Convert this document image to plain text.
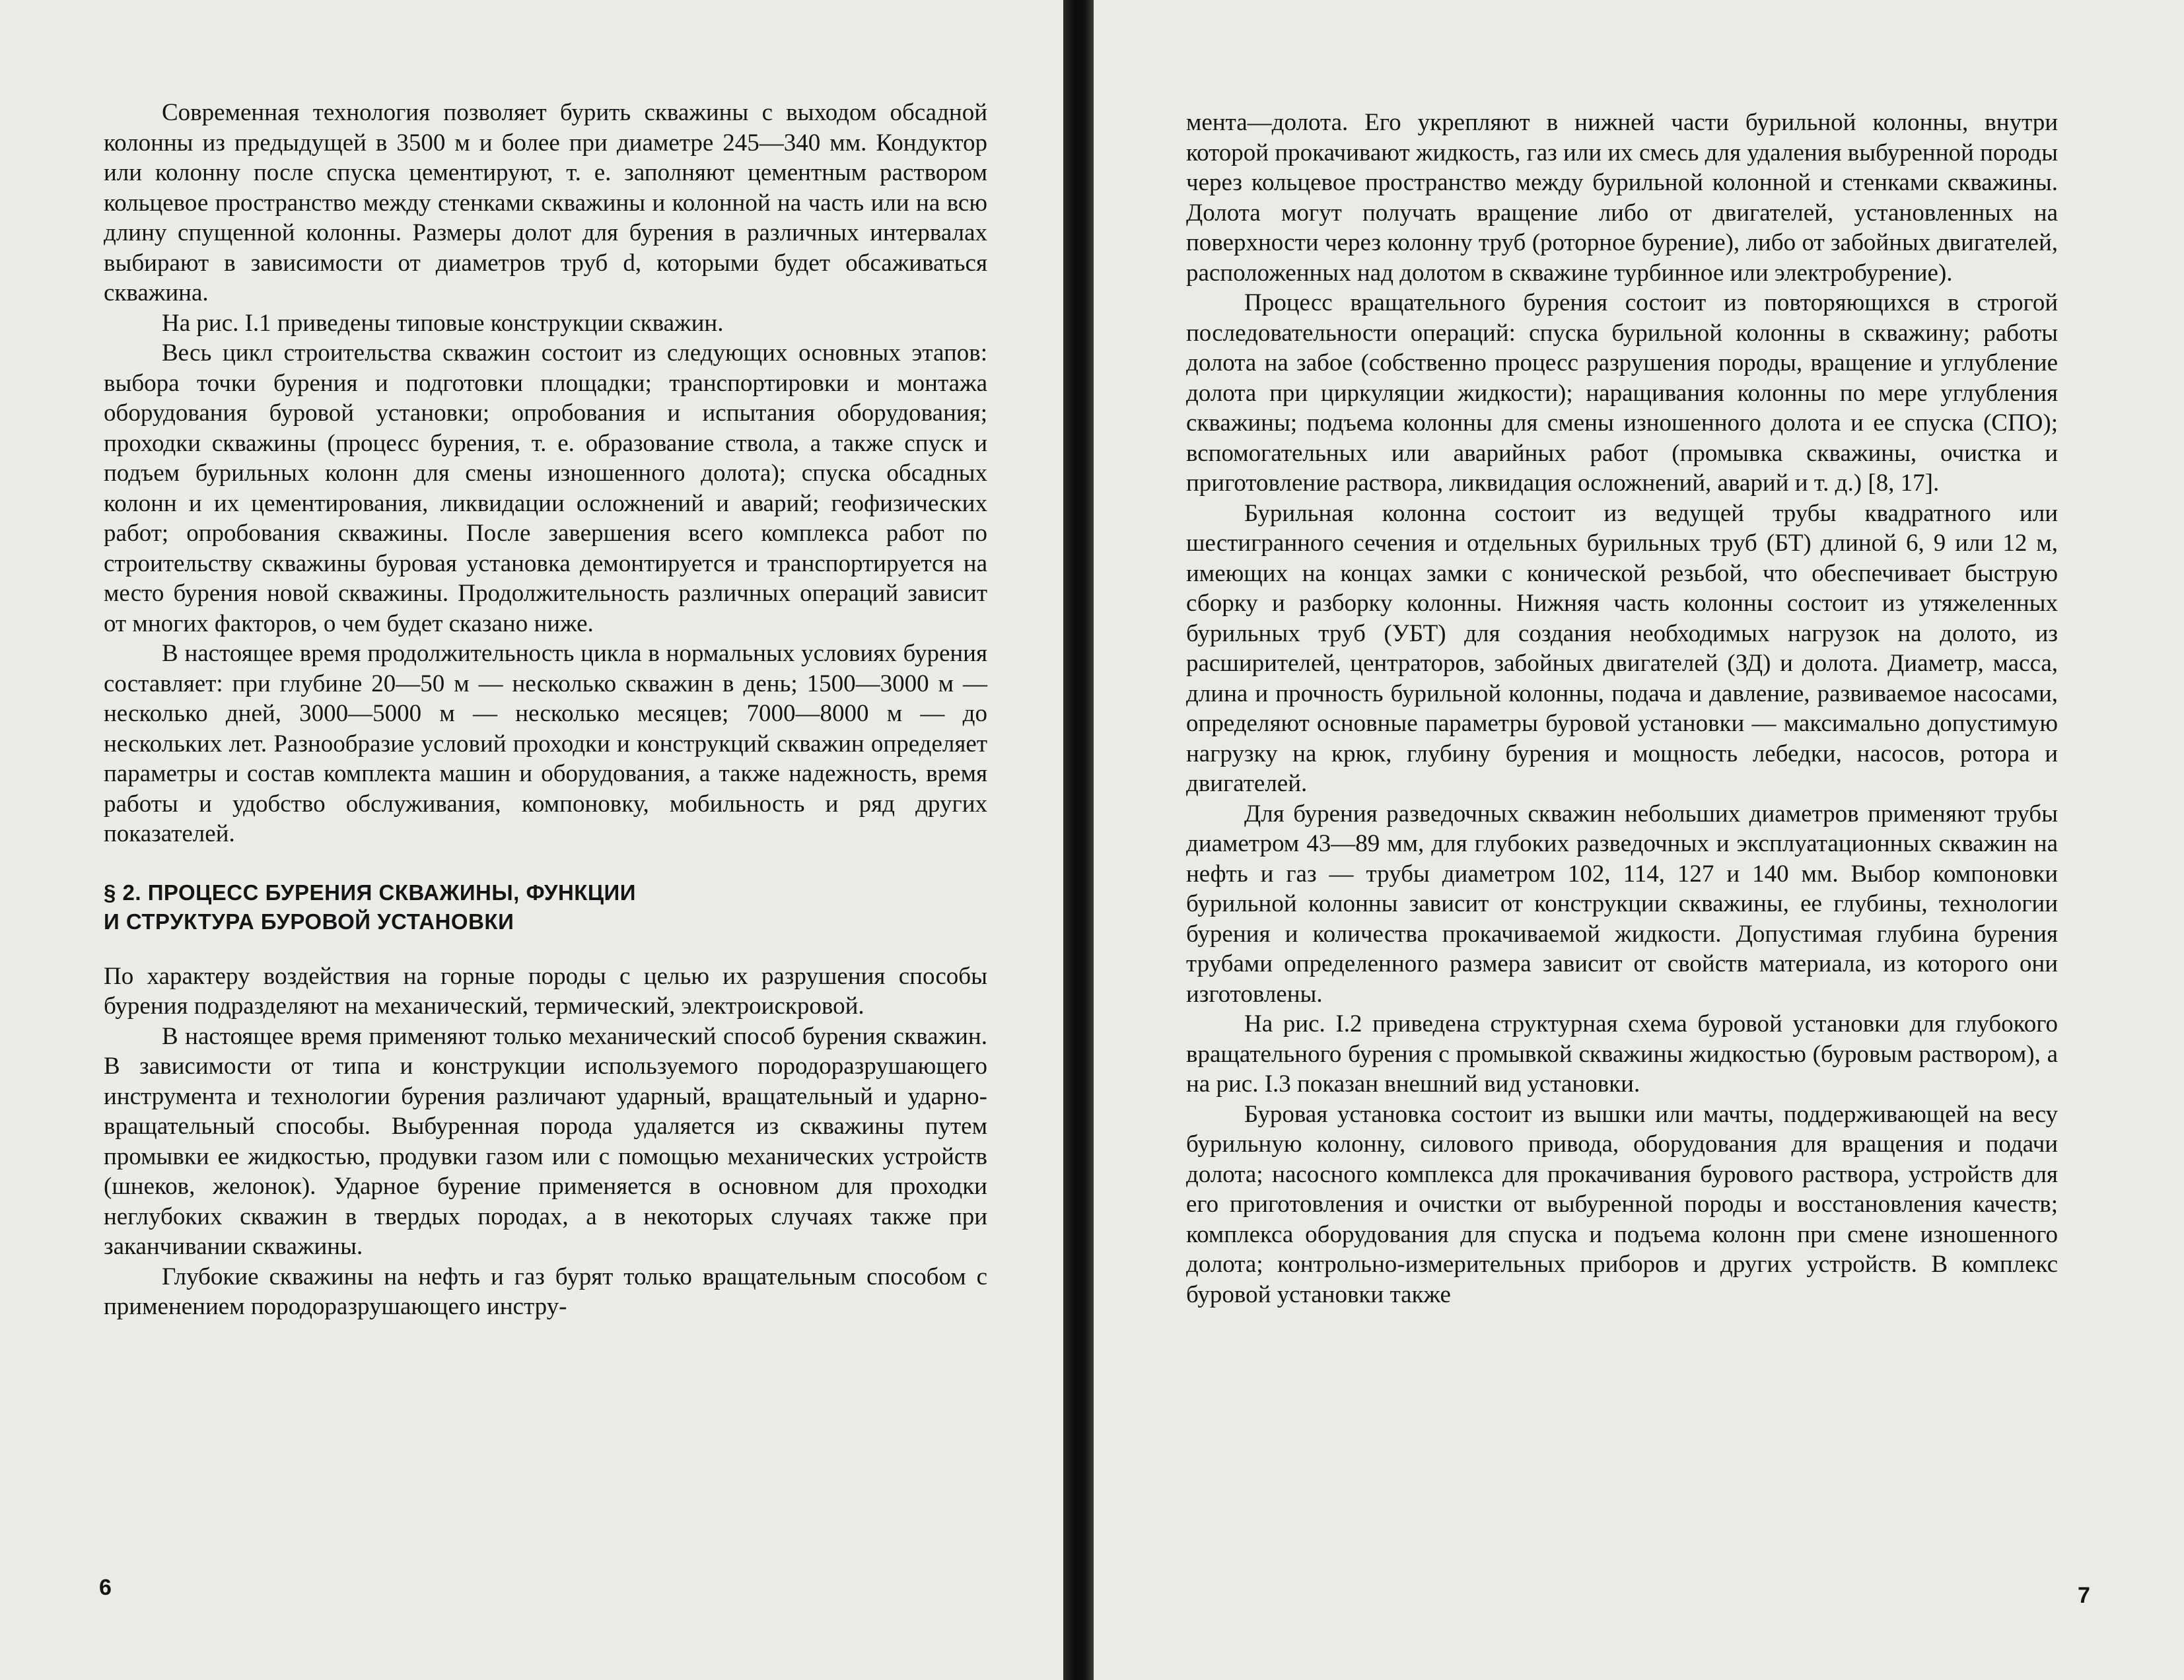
Современная технология позволяет бурить скважины с выходом обсадной колонны из предыдущей в 3500 м и более при диаметре 245—340 мм. Кондуктор или колонну после спуска цементируют, т. е. заполняют цементным раствором кольцевое пространство между стенками скважины и колонной на часть или на всю длину спущенной колонны. Размеры долот для бурения в различных интервалах выбирают в зависимости от диаметров труб d, которыми будет обсаживаться скважина.

На рис. I.1 приведены типовые конструкции скважин.

Весь цикл строительства скважин состоит из следующих основных этапов: выбора точки бурения и подготовки площадки; транспортировки и монтажа оборудования буровой установки; опробования и испытания оборудования; проходки скважины (процесс бурения, т. е. образование ствола, а также спуск и подъем бурильных колонн для смены изношенного долота); спуска обсадных колонн и их цементирования, ликвидации осложнений и аварий; геофизических работ; опробования скважины. После завершения всего комплекса работ по строительству скважины буровая установка демонтируется и транспортируется на место бурения новой скважины. Продолжительность различных операций зависит от многих факторов, о чем будет сказано ниже.

В настоящее время продолжительность цикла в нормальных условиях бурения составляет: при глубине 20—50 м — несколько скважин в день; 1500—3000 м — несколько дней, 3000—5000 м — несколько месяцев; 7000—8000 м — до нескольких лет. Разнообразие условий проходки и конструкций скважин определяет параметры и состав комплекта машин и оборудования, а также надежность, время работы и удобство обслуживания, компоновку, мобильность и ряд других показателей.

§ 2. ПРОЦЕСС БУРЕНИЯ СКВАЖИНЫ, ФУНКЦИИ
И СТРУКТУРА БУРОВОЙ УСТАНОВКИ

По характеру воздействия на горные породы с целью их разрушения способы бурения подразделяют на механический, термический, электроискровой.

В настоящее время применяют только механический способ бурения скважин. В зависимости от типа и конструкции используемого породоразрушающего инструмента и технологии бурения различают ударный, вращательный и ударно-вращательный способы. Выбуренная порода удаляется из скважины путем промывки ее жидкостью, продувки газом или с помощью механических устройств (шнеков, желонок). Ударное бурение применяется в основном для проходки неглубоких скважин в твердых породах, а в некоторых случаях также при заканчивании скважины.

Глубокие скважины на нефть и газ бурят только вращательным способом с применением породоразрушающего инстру-

6

мента—долота. Его укрепляют в нижней части бурильной колонны, внутри которой прокачивают жидкость, газ или их смесь для удаления выбуренной породы через кольцевое пространство между бурильной колонной и стенками скважины. Долота могут получать вращение либо от двигателей, установленных на поверхности через колонну труб (роторное бурение), либо от забойных двигателей, расположенных над долотом в скважине турбинное или электробурение).

Процесс вращательного бурения состоит из повторяющихся в строгой последовательности операций: спуска бурильной колонны в скважину; работы долота на забое (собственно процесс разрушения породы, вращение и углубление долота при циркуляции жидкости); наращивания колонны по мере углубления скважины; подъема колонны для смены изношенного долота и ее спуска (СПО); вспомогательных или аварийных работ (промывка скважины, очистка и приготовление раствора, ликвидация осложнений, аварий и т. д.) [8, 17].

Бурильная колонна состоит из ведущей трубы квадратного или шестигранного сечения и отдельных бурильных труб (БТ) длиной 6, 9 или 12 м, имеющих на концах замки с конической резьбой, что обеспечивает быструю сборку и разборку колонны. Нижняя часть колонны состоит из утяжеленных бурильных труб (УБТ) для создания необходимых нагрузок на долото, из расширителей, центраторов, забойных двигателей (ЗД) и долота. Диаметр, масса, длина и прочность бурильной колонны, подача и давление, развиваемое насосами, определяют основные параметры буровой установки — максимально допустимую нагрузку на крюк, глубину бурения и мощность лебедки, насосов, ротора и двигателей.

Для бурения разведочных скважин небольших диаметров применяют трубы диаметром 43—89 мм, для глубоких разведочных и эксплуатационных скважин на нефть и газ — трубы диаметром 102, 114, 127 и 140 мм. Выбор компоновки бурильной колонны зависит от конструкции скважины, ее глубины, технологии бурения и количества прокачиваемой жидкости. Допустимая глубина бурения трубами определенного размера зависит от свойств материала, из которого они изготовлены.

На рис. I.2 приведена структурная схема буровой установки для глубокого вращательного бурения с промывкой скважины жидкостью (буровым раствором), а на рис. I.3 показан внешний вид установки.

Буровая установка состоит из вышки или мачты, поддерживающей на весу бурильную колонну, силового привода, оборудования для вращения и подачи долота; насосного комплекса для прокачивания бурового раствора, устройств для его приготовления и очистки от выбуренной породы и восстановления качеств; комплекса оборудования для спуска и подъема колонн при смене изношенного долота; контрольно-измерительных приборов и других устройств. В комплекс буровой установки также

7
